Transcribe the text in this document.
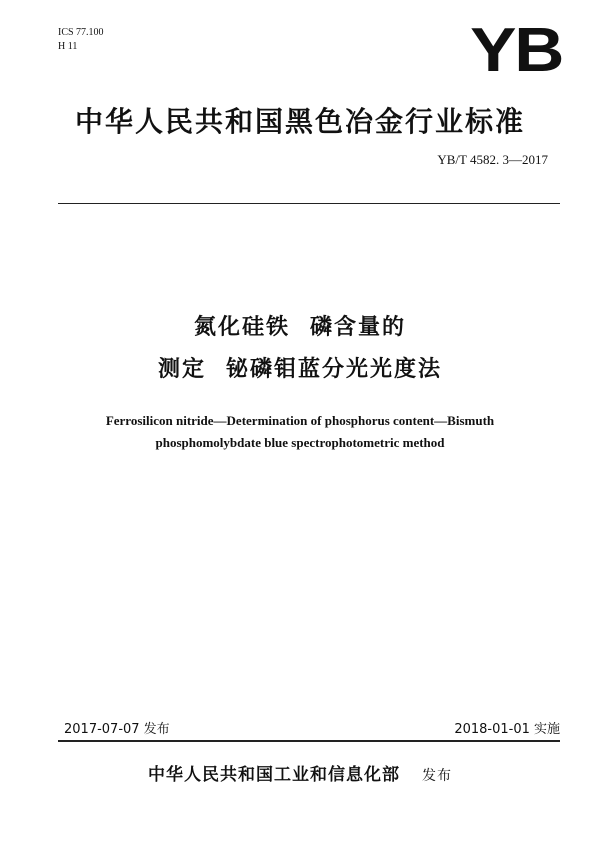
ICS 77.100
H 11	YB
中华人民共和国黑色冶金行业标准
YB/T 4582. 3—2017
氮化硅铁 磷含量的
测定 铋磷钼蓝分光光度法
Ferrosilicon nitride—Determination of phosphorus content—Bismuth
phosphomolybdate blue spectrophotometric method
2017-07-07 发布	2018-01-01 实施
中华人民共和国工业和信息化部 发布
